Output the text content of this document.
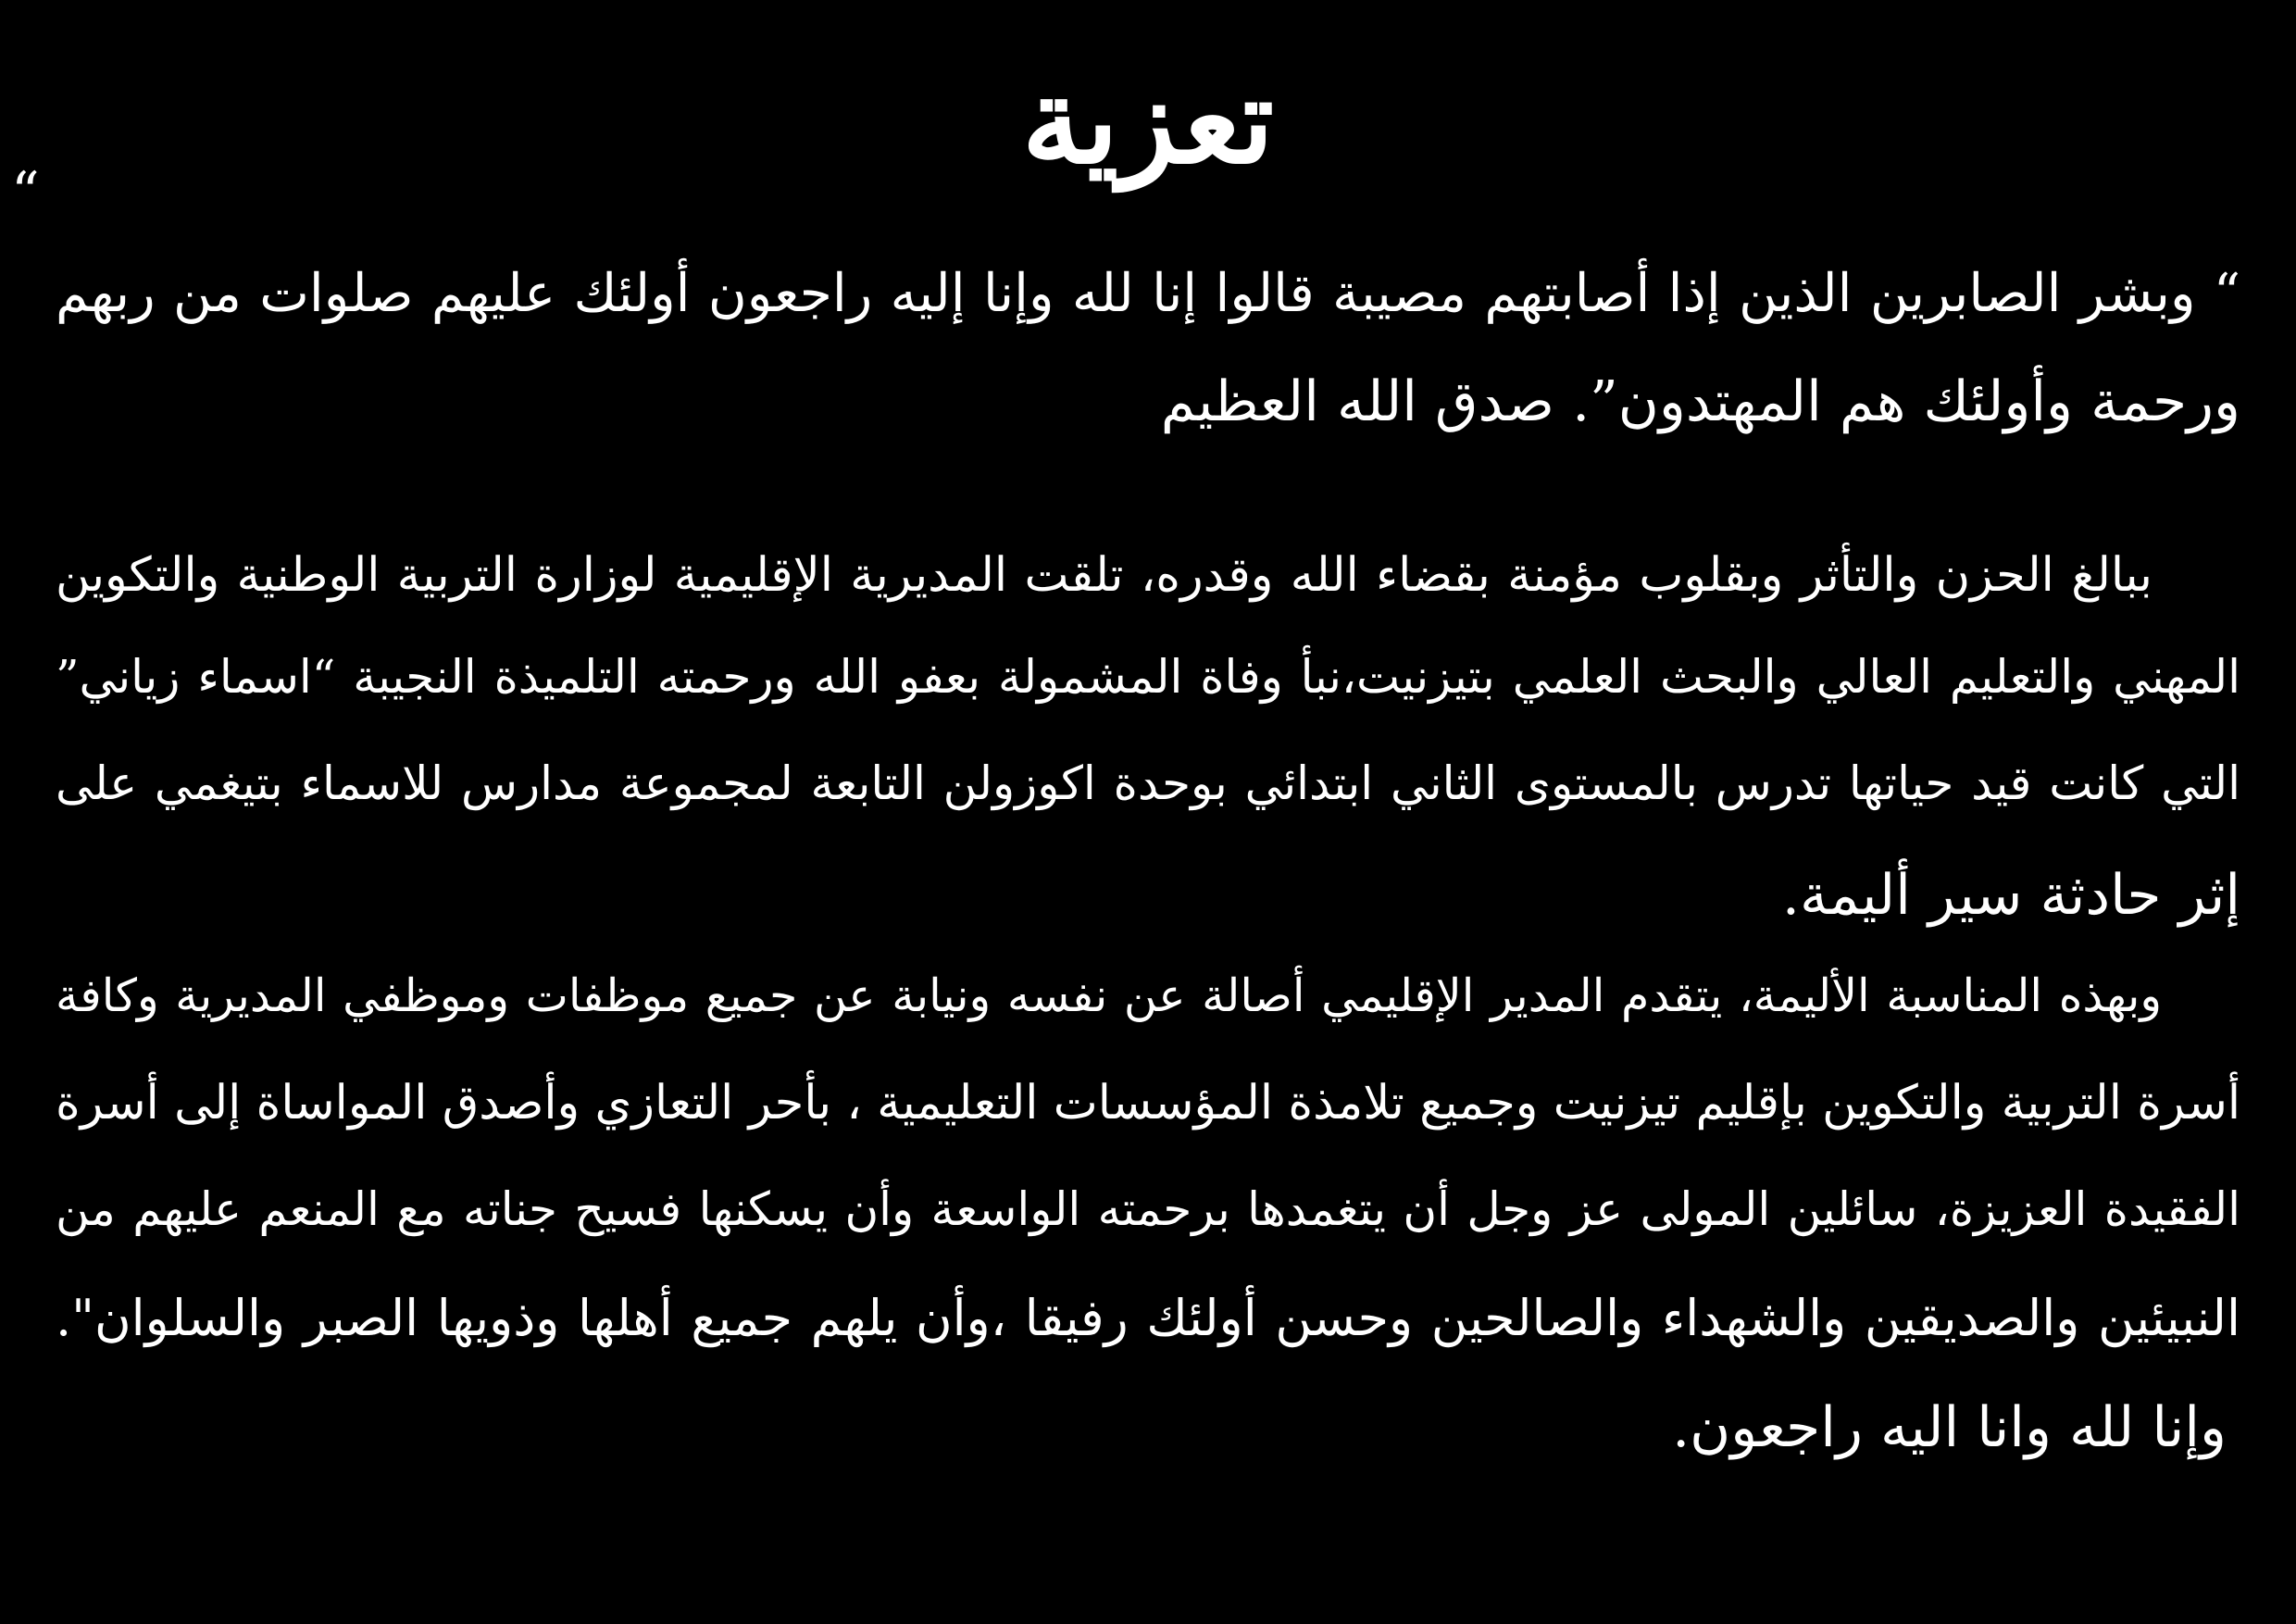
تعزية
“
“ وبشر الصابرين الذين إذا أصابتهم مصيبة قالوا إنا لله وإنا إليه راجعون أولئك عليهم صلوات من ربهم
ورحمة وأولئك هم المهتدون”. صدق الله العظيم
ببالغ الحزن والتأثر وبقلوب مؤمنة بقضاء الله وقدره، تلقت المديرية الإقليمية لوزارة التربية الوطنية والتكوين
المهني والتعليم العالي والبحث العلمي بتيزنيت،نبأ وفاة المشمولة بعفو الله ورحمته التلميذة النجيبة “اسماء زياني”
التي كانت قيد حياتها تدرس بالمستوى الثاني ابتدائي بوحدة اكوزولن التابعة لمجموعة مدارس للاسماء بتيغمي على
إثر حادثة سير أليمة.
وبهذه المناسبة الأليمة، يتقدم المدير الإقليمي أصالة عن نفسه ونيابة عن جميع موظفات وموظفي المديرية وكافة
أسرة التربية والتكوين بإقليم تيزنيت وجميع تلامذة المؤسسات التعليمية ، بأحر التعازي وأصدق المواساة إلى أسرة
الفقيدة العزيزة، سائلين المولى عز وجل أن يتغمدها برحمته الواسعة وأن يسكنها فسيح جناته مع المنعم عليهم من
النبيئين والصديقين والشهداء والصالحين وحسن أولئك رفيقا ،وأن يلهم جميع أهلها وذويها الصبر والسلوان".
وإنا لله وانا اليه راجعون.
